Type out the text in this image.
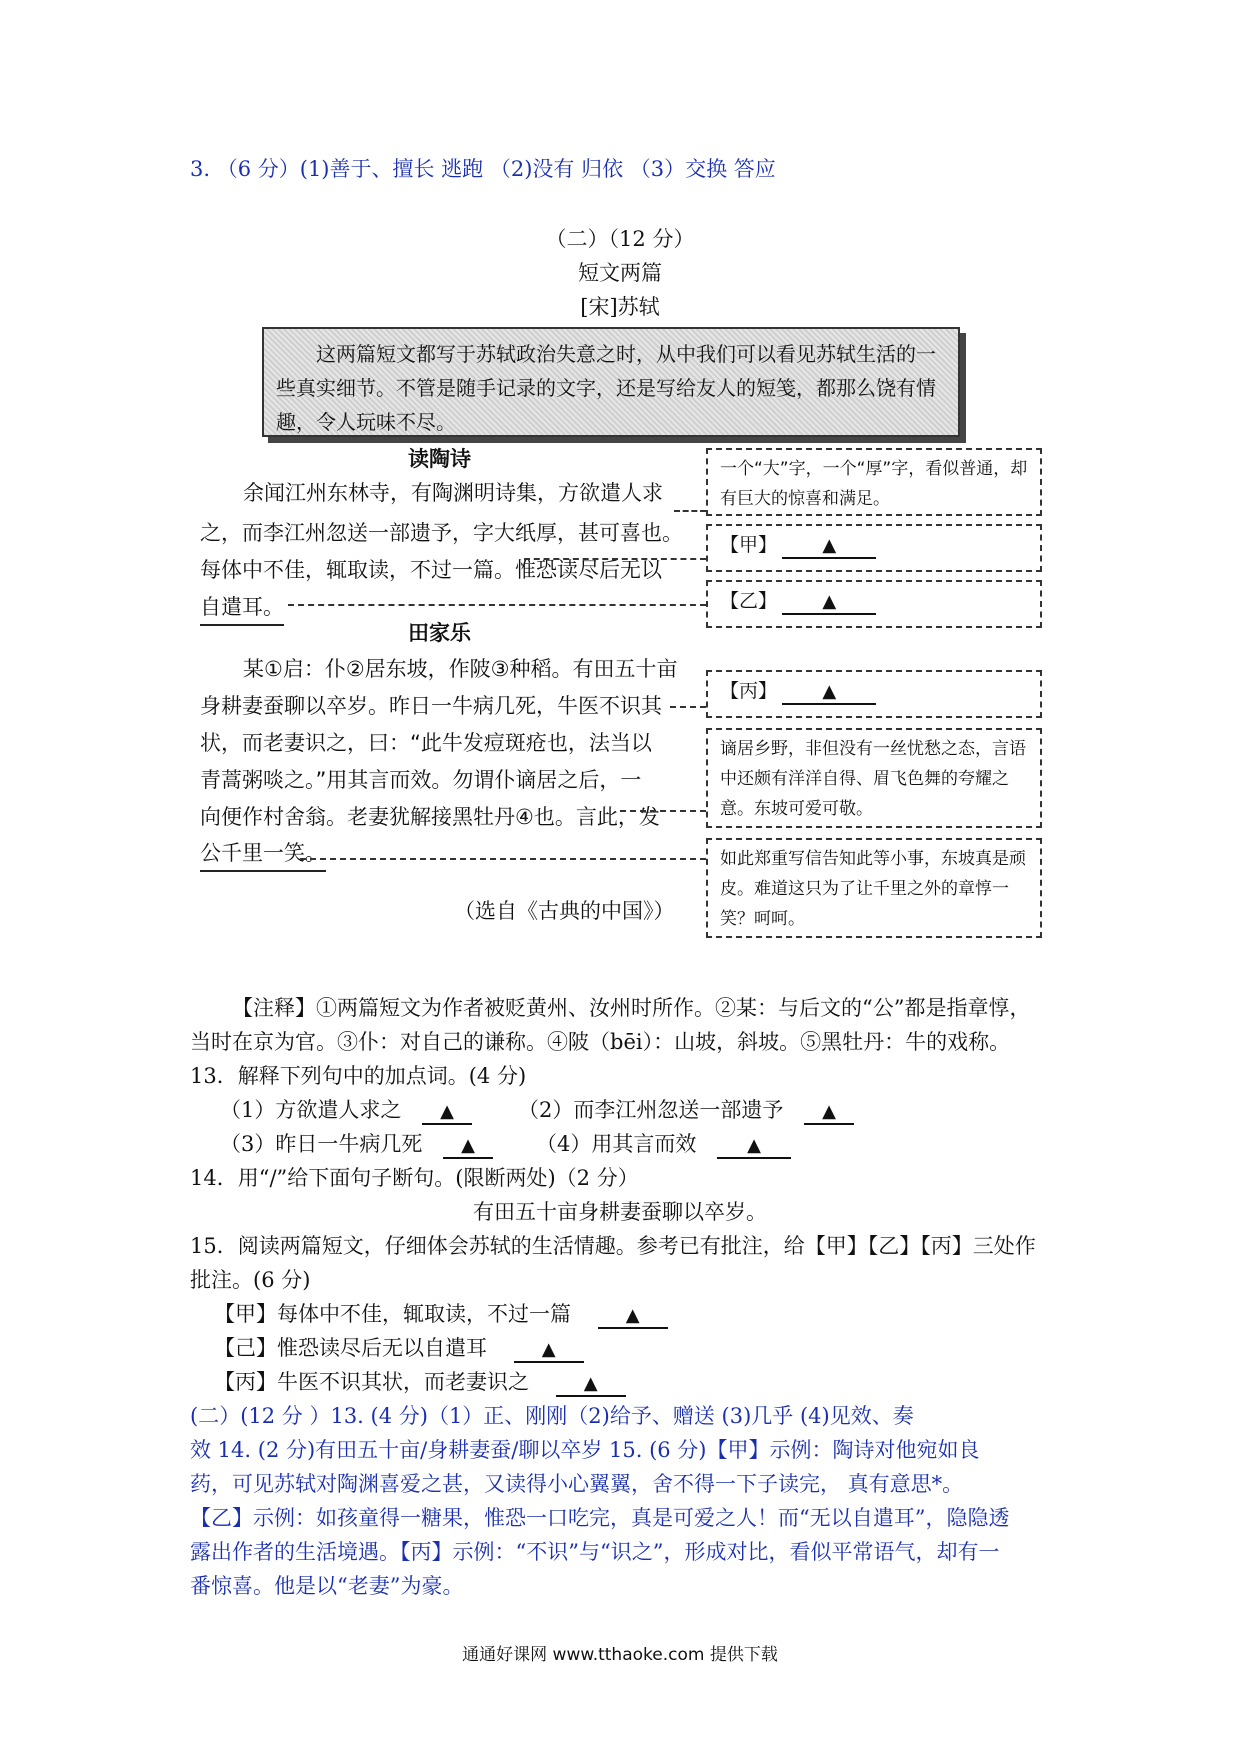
3. （6 分）(1)善于、擅长 逃跑 （2)没有 归依 （3）交换 答应
（二）（12 分）
短文两篇
[宋]苏轼
这两篇短文都写于苏轼政治失意之时，从中我们可以看见苏轼生活的一些真实细节。不管是随手记录的文字，还是写给友人的短笺，都那么饶有情趣，令人玩味不尽。
读陶诗
余闻江州东林寺，有陶渊明诗集，方欲遣人求
之，而李江州忽送一部遗予，字大纸厚，甚可喜也。
每体中不佳，辄取读，不过一篇。惟恐读尽后无以
自遣耳。
田家乐
某①启：仆②居东坡，作陂③种稻。有田五十亩
身耕妻蚕聊以卒岁。昨日一牛病几死，牛医不识其
状，而老妻识之，曰：“此牛发痘斑疮也，法当以
青蒿粥啖之。”用其言而效。勿谓仆谪居之后，一
向便作村舍翁。老妻犹解接黑牡丹④也。言此，发
公千里一笑。
（选自《古典的中国》）
一个“大”字，一个“厚”字，看似普通，却有巨大的惊喜和满足。
【甲】	▲
【乙】	▲
【丙】	▲
谪居乡野，非但没有一丝忧愁之态，言语中还颇有洋洋自得、眉飞色舞的夸耀之意。东坡可爱可敬。
如此郑重写信告知此等小事，东坡真是顽皮。难道这只为了让千里之外的章惇一笑？呵呵。
【注释】①两篇短文为作者被贬黄州、汝州时所作。②某：与后文的“公”都是指章惇，
当时在京为官。③仆：对自己的谦称。④陂（bēi）：山坡，斜坡。⑤黑牡丹：牛的戏称。
13．解释下列句中的加点词。(4 分)
（1）方欲遣人求之 ▲	（2）而李江州忽送一部遗予 ▲
（3）昨日一牛病几死 ▲	（4）用其言而效	▲
14．用“/”给下面句子断句。(限断两处)（2 分）
有田五十亩身耕妻蚕聊以卒岁。
15．阅读两篇短文，仔细体会苏轼的生活情趣。参考已有批注，给【甲】【乙】【丙】三处作
批注。(6 分)
【甲】每体中不佳，辄取读，不过一篇	▲
【己】惟恐读尽后无以自遣耳	▲
【丙】牛医不识其状，而老妻识之	▲
(二）(12 分 ）13. (4 分)（1）正、刚刚（2)给予、赠送 (3)几乎 (4)见效、奏
效 14. (2 分)有田五十亩/身耕妻蚕/聊以卒岁 15. (6 分)【甲】示例：陶诗对他宛如良
药，可见苏轼对陶渊喜爱之甚，又读得小心翼翼，舍不得一下子读完， 真有意思*。
【乙】示例：如孩童得一糖果，惟恐一口吃完，真是可爱之人！而“无以自遣耳”，隐隐透
露出作者的生活境遇。【丙】示例：“不识”与“识之”，形成对比，看似平常语气，却有一
番惊喜。他是以“老妻”为豪。
通通好课网 www.tthaoke.com 提供下载
